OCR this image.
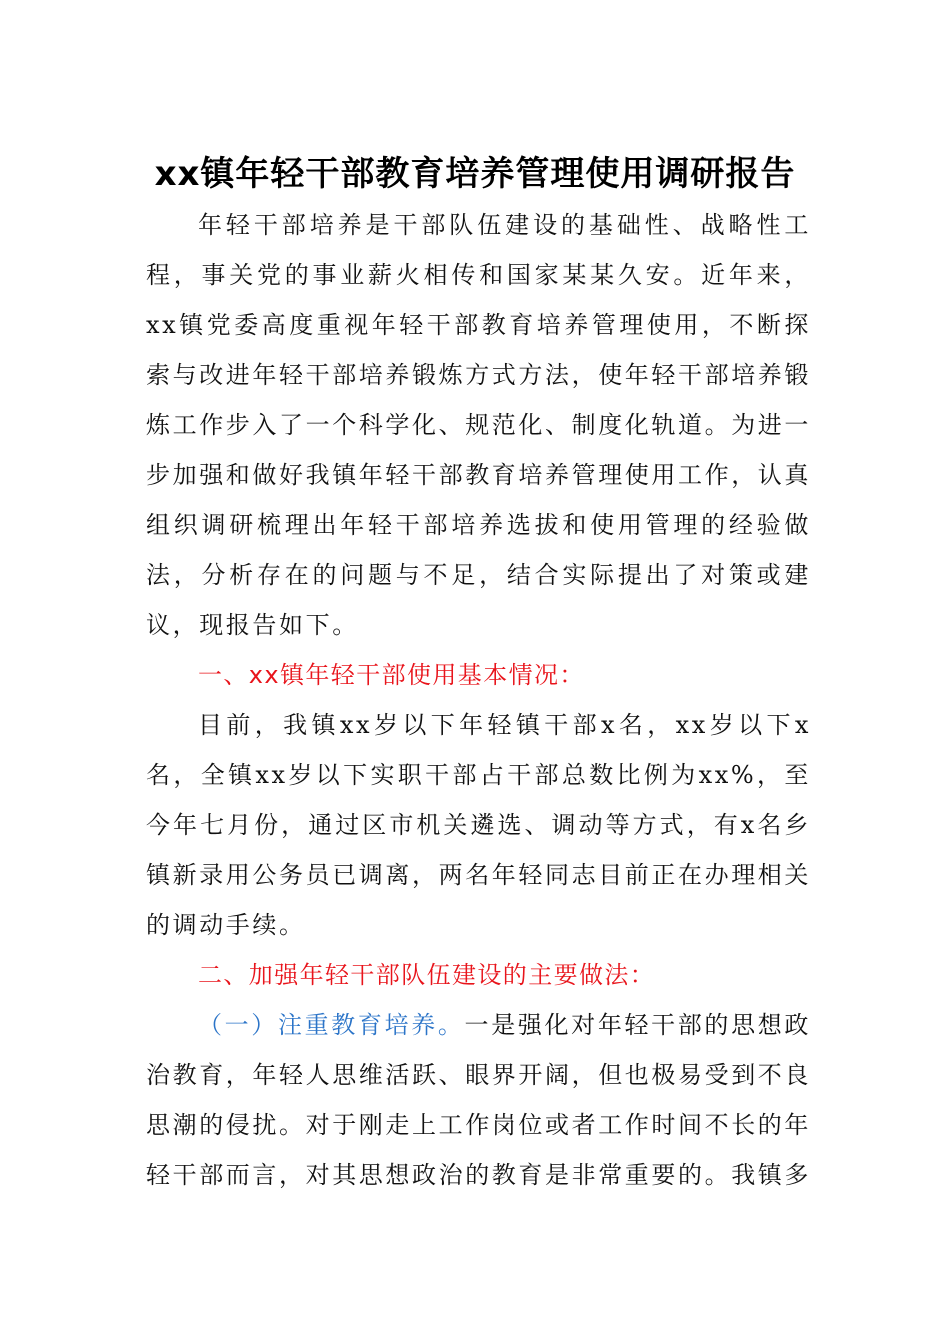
xx镇年轻干部教育培养管理使用调研报告

年轻干部培养是干部队伍建设的基础性、战略性工程，事关党的事业薪火相传和国家某某久安。近年来，xx镇党委高度重视年轻干部教育培养管理使用，不断探索与改进年轻干部培养锻炼方式方法，使年轻干部培养锻炼工作步入了一个科学化、规范化、制度化轨道。为进一步加强和做好我镇年轻干部教育培养管理使用工作，认真组织调研梳理出年轻干部培养选拔和使用管理的经验做法，分析存在的问题与不足，结合实际提出了对策或建议，现报告如下。

一、xx镇年轻干部使用基本情况：

目前，我镇xx岁以下年轻镇干部x名，xx岁以下x名，全镇xx岁以下实职干部占干部总数比例为xx%，至今年七月份，通过区市机关遴选、调动等方式，有x名乡镇新录用公务员已调离，两名年轻同志目前正在办理相关的调动手续。

二、加强年轻干部队伍建设的主要做法：

（一）注重教育培养。一是强化对年轻干部的思想政治教育，年轻人思维活跃、眼界开阔，但也极易受到不良思潮的侵扰。对于刚走上工作岗位或者工作时间不长的年轻干部而言，对其思想政治的教育是非常重要的。我镇多
